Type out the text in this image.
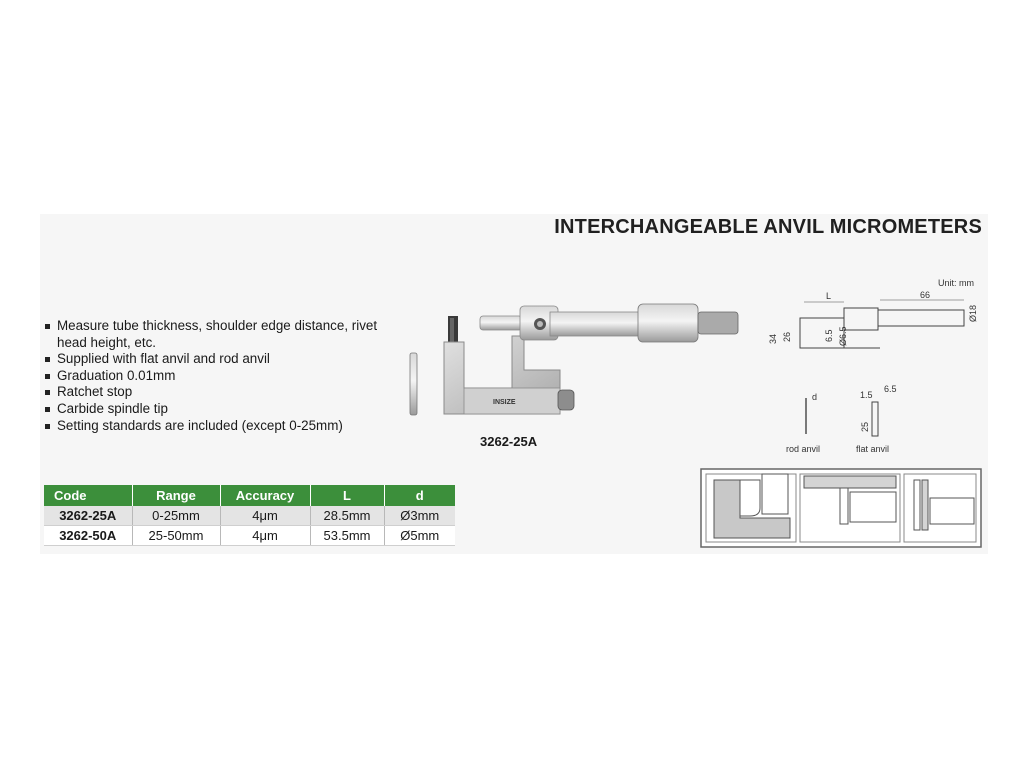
INTERCHANGEABLE ANVIL MICROMETERS
Measure tube thickness, shoulder edge distance, rivet head height, etc.
Supplied with flat anvil and rod anvil
Graduation 0.01mm
Ratchet stop
Carbide spindle tip
Setting standards are included (except 0-25mm)
INSIZE
3262-25A
Unit: mm
L	66
Ø18
34 26	6.5 Ø6.5
d
rod anvil
1.5
6.5
25
flat anvil
Code	Range	Accuracy	L	d
3262-25A	0-25mm	4μm	28.5mm	Ø3mm
3262-50A	25-50mm	4μm	53.5mm	Ø5mm
